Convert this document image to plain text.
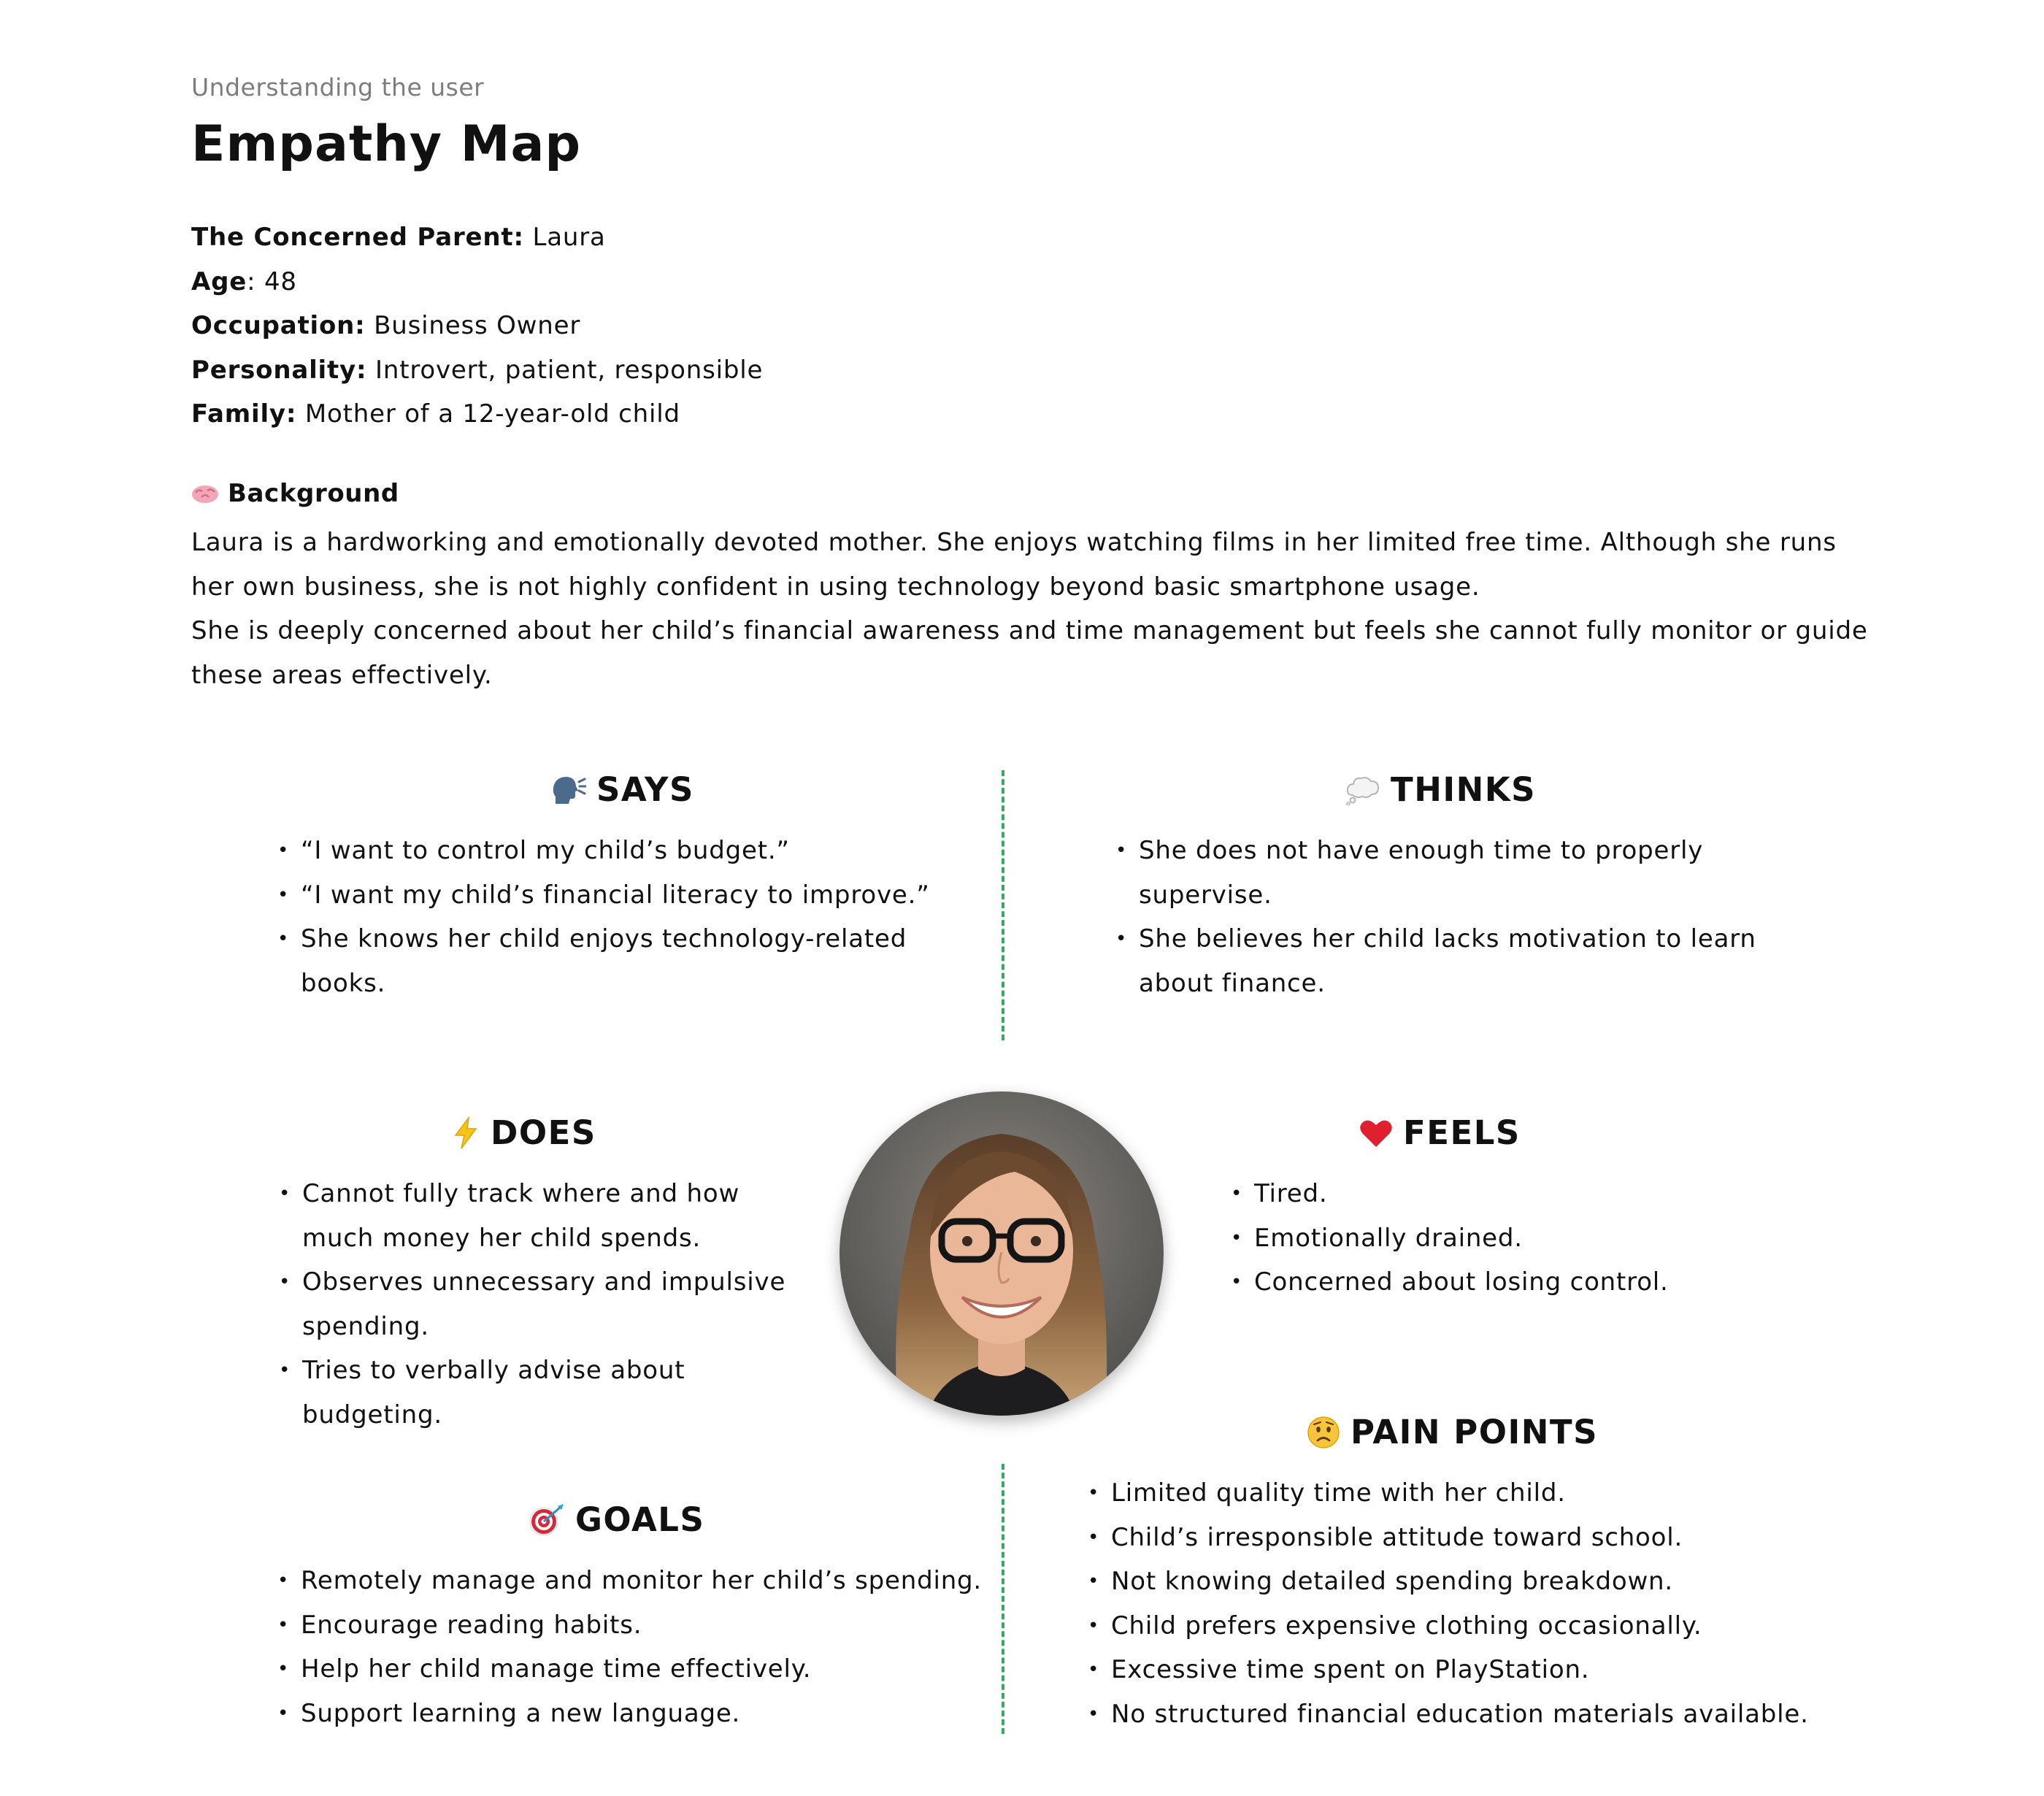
Understanding the user
Empathy Map
The Concerned Parent: Laura
Age: 48
Occupation: Business Owner
Personality: Introvert, patient, responsible
Family: Mother of a 12-year-old child
Background

Laura is a hardworking and emotionally devoted mother. She enjoys watching films in her limited free time. Although she runs her own business, she is not highly confident in using technology beyond basic smartphone usage.

She is deeply concerned about her child’s financial awareness and time management but feels she cannot fully monitor or guide these areas effectively.

SAYS
• “I want to control my child’s budget.”
• “I want my child’s financial literacy to improve.”
• She knows her child enjoys technology-related books.
THINKS
• She does not have enough time to properly supervise.
• She believes her child lacks motivation to learn about finance.
DOES
• Cannot fully track where and how much money her child spends.
• Observes unnecessary and impulsive spending.
• Tries to verbally advise about budgeting.
FEELS
• Tired.
• Emotionally drained.
• Concerned about losing control.
PAIN POINTS
• Limited quality time with her child.
• Child’s irresponsible attitude toward school.
• Not knowing detailed spending breakdown.
• Child prefers expensive clothing occasionally.
• Excessive time spent on PlayStation.
• No structured financial education materials available.
GOALS
• Remotely manage and monitor her child’s spending.
• Encourage reading habits.
• Help her child manage time effectively.
• Support learning a new language.
